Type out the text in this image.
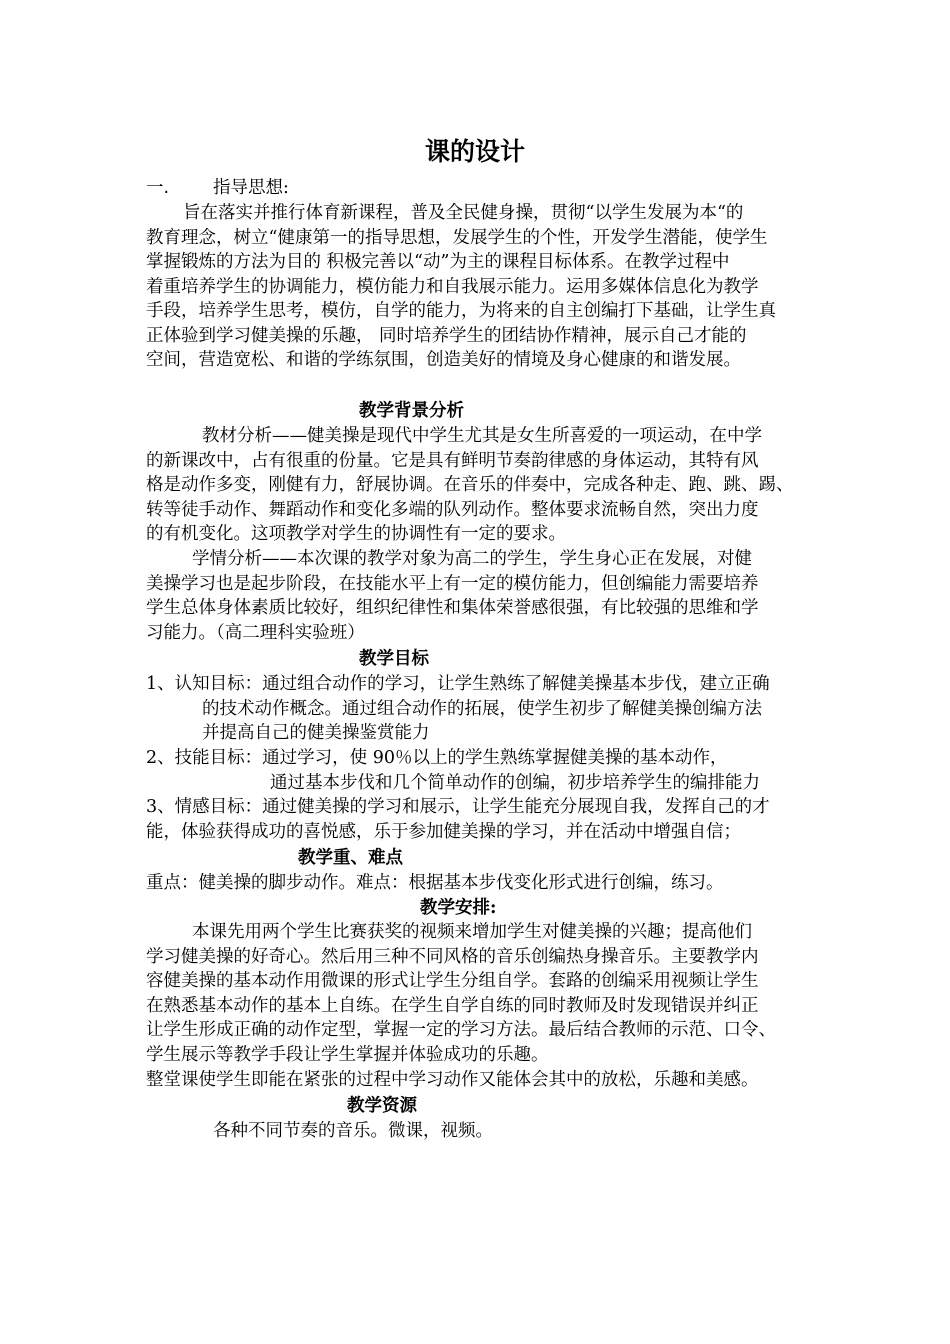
课的设计
一.	指导思想:
旨在落实并推行体育新课程，普及全民健身操，贯彻“以学生发展为本“的
教育理念，树立“健康第一的指导思想，发展学生的个性，开发学生潜能，使学生
掌握锻炼的方法为目的 积极完善以“动”为主的课程目标体系。在教学过程中
着重培养学生的协调能力，模仿能力和自我展示能力。运用多媒体信息化为教学
手段，培养学生思考，模仿，自学的能力，为将来的自主创编打下基础，让学生真
正体验到学习健美操的乐趣， 同时培养学生的团结协作精神，展示自己才能的
空间，营造宽松、和谐的学练氛围，创造美好的情境及身心健康的和谐发展。
教学背景分析
教材分析——健美操是现代中学生尤其是女生所喜爱的一项运动，在中学
的新课改中，占有很重的份量。它是具有鲜明节奏韵律感的身体运动，其特有风
格是动作多变，刚健有力，舒展协调。在音乐的伴奏中，完成各种走、跑、跳、踢、
转等徒手动作、舞蹈动作和变化多端的队列动作。整体要求流畅自然，突出力度
的有机变化。这项教学对学生的协调性有一定的要求。
学情分析——本次课的教学对象为高二的学生，学生身心正在发展，对健
美操学习也是起步阶段，在技能水平上有一定的模仿能力，但创编能力需要培养
学生总体身体素质比较好，组织纪律性和集体荣誉感很强，有比较强的思维和学
习能力。（高二理科实验班）
教学目标
1、认知目标：通过组合动作的学习，让学生熟练了解健美操基本步伐，建立正确
的技术动作概念。通过组合动作的拓展，使学生初步了解健美操创编方法
并提高自己的健美操鉴赏能力
2、技能目标：通过学习，使 90％以上的学生熟练掌握健美操的基本动作，
通过基本步伐和几个简单动作的创编，初步培养学生的编排能力
3、情感目标：通过健美操的学习和展示，让学生能充分展现自我，发挥自己的才
能，体验获得成功的喜悦感，乐于参加健美操的学习，并在活动中增强自信；
教学重、难点
重点：健美操的脚步动作。难点：根据基本步伐变化形式进行创编，练习。
教学安排:
本课先用两个学生比赛获奖的视频来增加学生对健美操的兴趣；提高他们
学习健美操的好奇心。然后用三种不同风格的音乐创编热身操音乐。主要教学内
容健美操的基本动作用微课的形式让学生分组自学。套路的创编采用视频让学生
在熟悉基本动作的基本上自练。在学生自学自练的同时教师及时发现错误并纠正
让学生形成正确的动作定型，掌握一定的学习方法。最后结合教师的示范、口令、
学生展示等教学手段让学生掌握并体验成功的乐趣。
整堂课使学生即能在紧张的过程中学习动作又能体会其中的放松，乐趣和美感。
教学资源
各种不同节奏的音乐。微课，视频。
